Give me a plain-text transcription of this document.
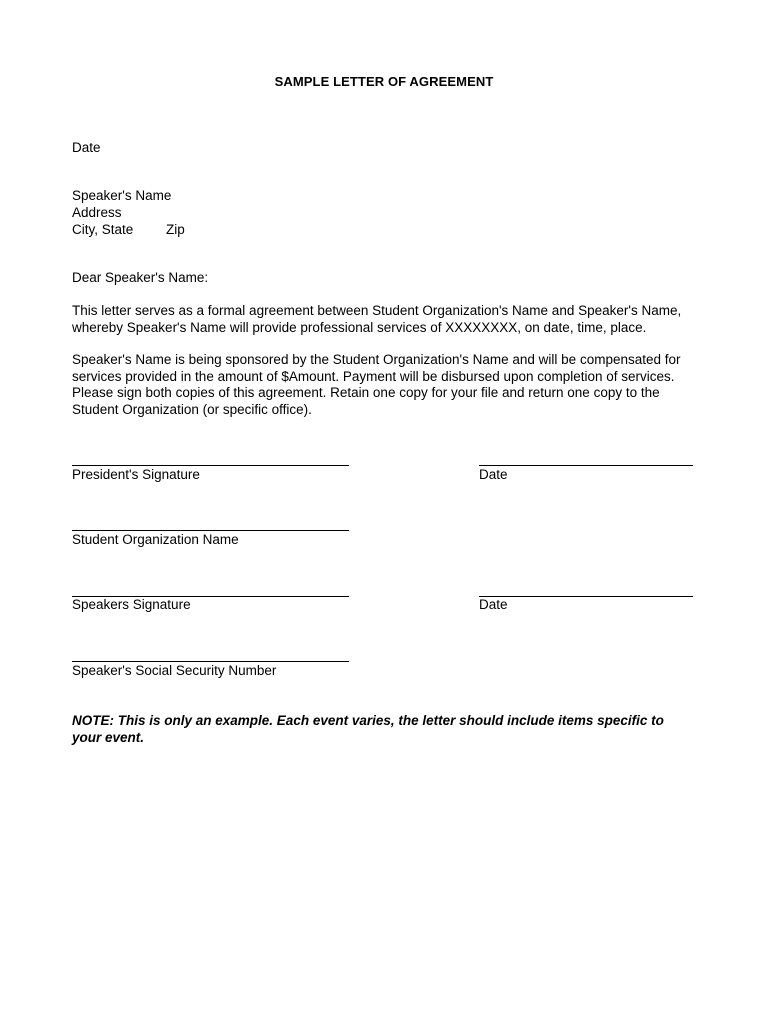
SAMPLE LETTER OF AGREEMENT
Date
Speaker's Name
Address
City, State Zip
Dear Speaker's Name:
This letter serves as a formal agreement between Student Organization's Name and Speaker's Name,
whereby Speaker's Name will provide professional services of XXXXXXXX, on date, time, place.
Speaker's Name is being sponsored by the Student Organization's Name and will be compensated for
services provided in the amount of $Amount. Payment will be disbursed upon completion of services.
Please sign both copies of this agreement. Retain one copy for your file and return one copy to the
Student Organization (or specific office).
President's Signature	Date
Student Organization Name
Speakers Signature	Date
Speaker's Social Security Number
NOTE: This is only an example. Each event varies, the letter should include items specific to
your event.
